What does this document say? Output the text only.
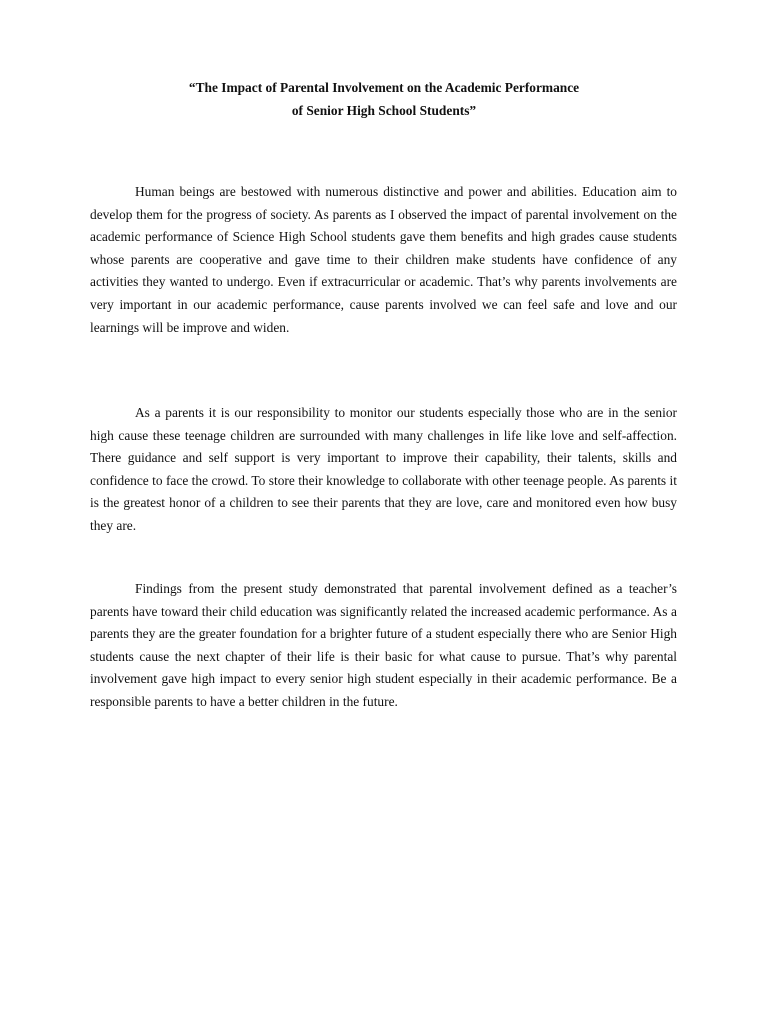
“The Impact of Parental Involvement on the Academic Performance
of Senior High School Students”

Human beings are bestowed with numerous distinctive and power and abilities. Education aim to develop them for the progress of society. As parents as I observed the impact of parental involvement on the academic performance of Science High School students gave them benefits and high grades cause students whose parents are cooperative and gave time to their children make students have confidence of any activities they wanted to undergo. Even if extracurricular or academic. That’s why parents involvements are very important in our academic performance, cause parents involved we can feel safe and love and our learnings will be improve and widen.

As a parents it is our responsibility to monitor our students especially those who are in the senior high cause these teenage children are surrounded with many challenges in life like love and self-affection. There guidance and self support is very important to improve their capability, their talents, skills and confidence to face the crowd. To store their knowledge to collaborate with other teenage people. As parents it is the greatest honor of a children to see their parents that they are love, care and monitored even how busy they are.

Findings from the present study demonstrated that parental involvement defined as a teacher’s parents have toward their child education was significantly related the increased academic performance. As a parents they are the greater foundation for a brighter future of a student especially there who are Senior High students cause the next chapter of their life is their basic for what cause to pursue. That’s why parental involvement gave high impact to every senior high student especially in their academic performance. Be a responsible parents to have a better children in the future.
